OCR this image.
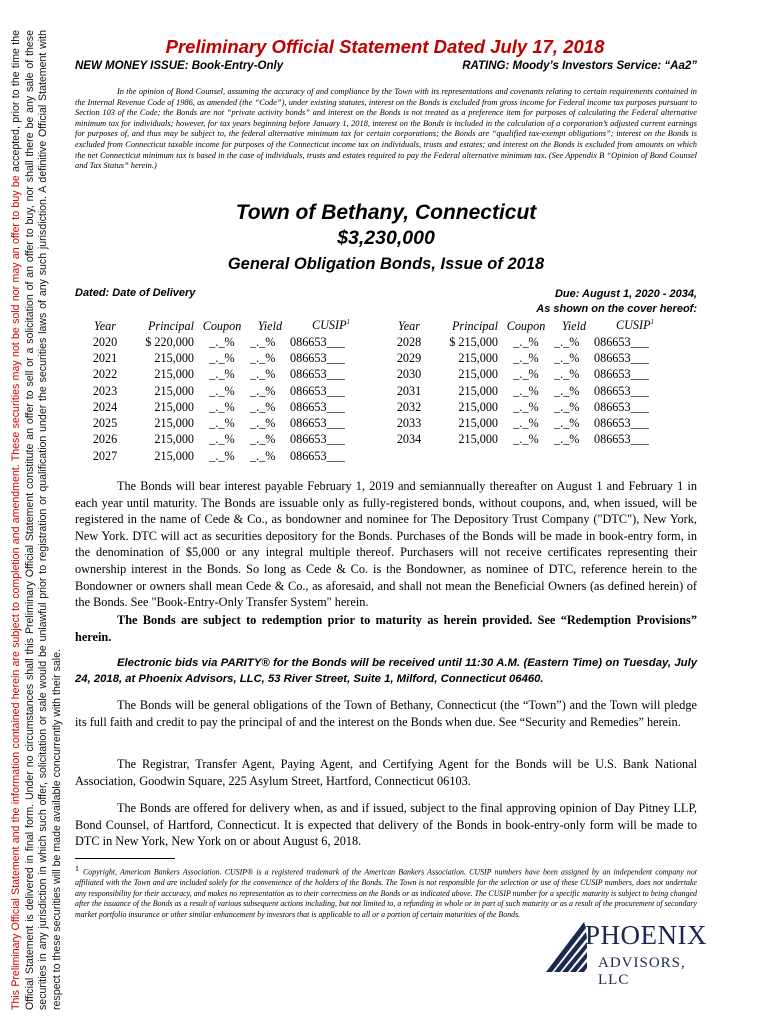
This Preliminary Official Statement and the information contained herein are subject to completion and amendment. These securities may not be sold nor may an offer to buy be accepted, prior to the time the Official Statement is delivered in final form. Under no circumstances shall this Preliminary Official Statement constitute an offer to sell or a solicitation of an offer to buy, nor shall there be any sale of these securities in any jurisdiction in which such offer, solicitation or sale would be unlawful prior to registration or qualification under the securities laws of any such jurisdiction. A definitive Official Statement with respect to these securities will be made available concurrently with their sale.
Preliminary Official Statement Dated July 17, 2018
NEW MONEY ISSUE: Book-Entry-Only	RATING: Moody’s Investors Service: “Aa2”
In the opinion of Bond Counsel, assuming the accuracy of and compliance by the Town with its representations and covenants relating to certain requirements contained in the Internal Revenue Code of 1986, as amended (the “Code”), under existing statutes, interest on the Bonds is excluded from gross income for Federal income tax purposes pursuant to Section 103 of the Code; the Bonds are not “private activity bonds” and interest on the Bonds is not treated as a preference item for purposes of calculating the Federal alternative minimum tax for individuals; however, for tax years beginning before January 1, 2018, interest on the Bonds is included in the calculation of a corporation’s adjusted current earnings for purposes of, and thus may be subject to, the federal alternative minimum tax for certain corporations; the Bonds are “qualified tax-exempt obligations”; interest on the Bonds is excluded from Connecticut taxable income for purposes of the Connecticut income tax on individuals, trusts and estates; and interest on the Bonds is excluded from amounts on which the net Connecticut minimum tax is based in the case of individuals, trusts and estates required to pay the Federal alternative minimum tax. (See Appendix B “Opinion of Bond Counsel and Tax Status” herein.)
Town of Bethany, Connecticut
$3,230,000
General Obligation Bonds, Issue of 2018
Dated: Date of Delivery	Due: August 1, 2020 - 2034,
As shown on the cover hereof:
Year	Principal	Coupon	Yield	CUSIP$^1$
2020	$ 220,000	_._%	_._%	086653___
2021	215,000	_._%	_._%	086653___
2022	215,000	_._%	_._%	086653___
2023	215,000	_._%	_._%	086653___
2024	215,000	_._%	_._%	086653___
2025	215,000	_._%	_._%	086653___
2026	215,000	_._%	_._%	086653___
2027	215,000	_._%	_._%	086653___
Year	Principal	Coupon	Yield	CUSIP$^1$
2028	$ 215,000	_._%	_._%	086653___
2029	215,000	_._%	_._%	086653___
2030	215,000	_._%	_._%	086653___
2031	215,000	_._%	_._%	086653___
2032	215,000	_._%	_._%	086653___
2033	215,000	_._%	_._%	086653___
2034	215,000	_._%	_._%	086653___
The Bonds will bear interest payable February 1, 2019 and semiannually thereafter on August 1 and February 1 in each year until maturity. The Bonds are issuable only as fully-registered bonds, without coupons, and, when issued, will be registered in the name of Cede & Co., as bondowner and nominee for The Depository Trust Company ("DTC"), New York, New York. DTC will act as securities depository for the Bonds. Purchases of the Bonds will be made in book-entry form, in the denomination of $5,000 or any integral multiple thereof. Purchasers will not receive certificates representing their ownership interest in the Bonds. So long as Cede & Co. is the Bondowner, as nominee of DTC, reference herein to the Bondowner or owners shall mean Cede & Co., as aforesaid, and shall not mean the Beneficial Owners (as defined herein) of the Bonds. See "Book-Entry-Only Transfer System" herein.
The Bonds are subject to redemption prior to maturity as herein provided. See “Redemption Provisions” herein.
Electronic bids via PARITY® for the Bonds will be received until 11:30 A.M. (Eastern Time) on Tuesday, July 24, 2018, at Phoenix Advisors, LLC, 53 River Street, Suite 1, Milford, Connecticut 06460.
The Bonds will be general obligations of the Town of Bethany, Connecticut (the “Town”) and the Town will pledge its full faith and credit to pay the principal of and the interest on the Bonds when due. See “Security and Remedies” herein.
The Registrar, Transfer Agent, Paying Agent, and Certifying Agent for the Bonds will be U.S. Bank National Association, Goodwin Square, 225 Asylum Street, Hartford, Connecticut 06103.
The Bonds are offered for delivery when, as and if issued, subject to the final approving opinion of Day Pitney LLP, Bond Counsel, of Hartford, Connecticut. It is expected that delivery of the Bonds in book-entry-only form will be made to DTC in New York, New York on or about August 6, 2018.
1 Copyright, American Bankers Association. CUSIP® is a registered trademark of the American Bankers Association. CUSIP numbers have been assigned by an independent company not affiliated with the Town and are included solely for the convenience of the holders of the Bonds. The Town is not responsible for the selection or use of these CUSIP numbers, does not undertake any responsibility for their accuracy, and makes no representation as to their correctness on the Bonds or as indicated above. The CUSIP number for a specific maturity is subject to being changed after the issuance of the Bonds as a result of various subsequent actions including, but not limited to, a refunding in whole or in part of such maturity or as a result of the procurement of secondary market portfolio insurance or other similar enhancement by investors that is applicable to all or a portion of certain maturities of the Bonds.
PHOENIX
ADVISORS, LLC
